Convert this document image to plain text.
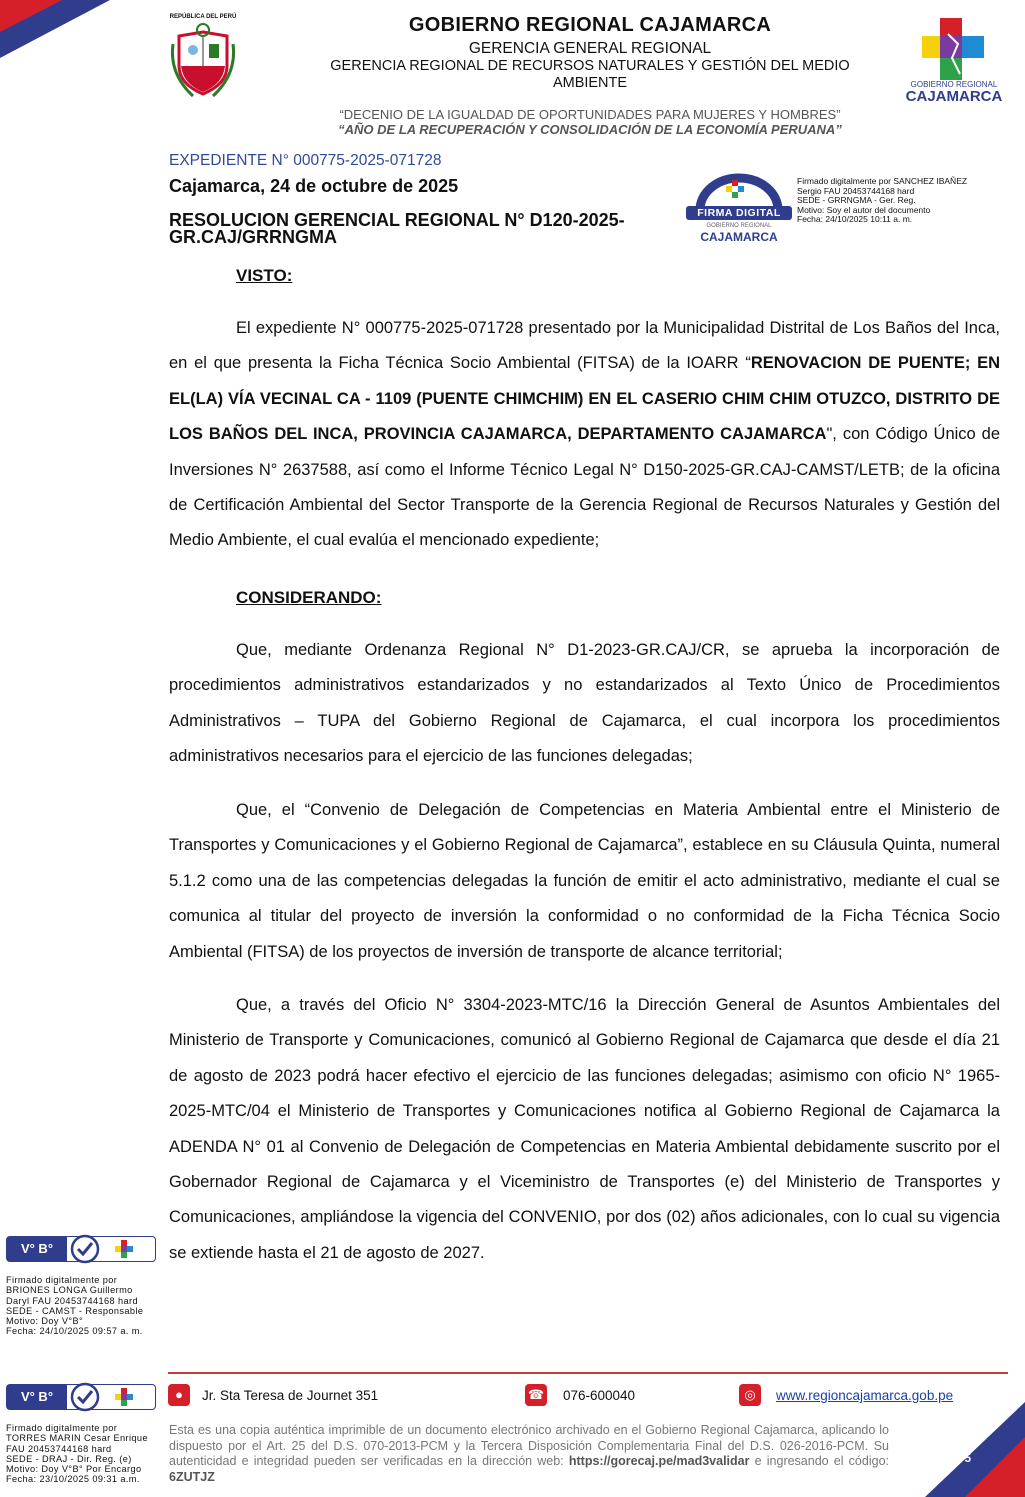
REPÚBLICA DEL PERÚ	GOBIERNO REGIONAL CAJAMARCA
GERENCIA GENERAL REGIONAL
GERENCIA REGIONAL DE RECURSOS NATURALES Y GESTIÓN DEL MEDIO AMBIENTE
“DECENIO DE LA IGUALDAD DE OPORTUNIDADES PARA MUJERES Y HOMBRES”
“AÑO DE LA RECUPERACIÓN Y CONSOLIDACIÓN DE LA ECONOMÍA PERUANA”
GOBIERNO REGIONAL
CAJAMARCA
EXPEDIENTE N° 000775-2025-071728
Cajamarca, 24 de octubre de 2025
RESOLUCION GERENCIAL REGIONAL N° D120-2025-GR.CAJ/GRRNGMA
FIRMA DIGITAL
GOBIERNO REGIONAL
CAJAMARCA
Firmado digitalmente por SANCHEZ IBAÑEZ
Sergio FAU 20453744168 hard
SEDE - GRRNGMA - Ger. Reg.
Motivo: Soy el autor del documento
Fecha: 24/10/2025 10:11 a. m.
VISTO:
El expediente N° 000775-2025-071728 presentado por la Municipalidad Distrital de Los Baños del Inca, en el que presenta la Ficha Técnica Socio Ambiental (FITSA) de la IOARR “RENOVACION DE PUENTE; EN EL(LA) VÍA VECINAL CA - 1109 (PUENTE CHIMCHIM) EN EL CASERIO CHIM CHIM OTUZCO, DISTRITO DE LOS BAÑOS DEL INCA, PROVINCIA CAJAMARCA, DEPARTAMENTO CAJAMARCA", con Código Único de Inversiones N° 2637588, así como el Informe Técnico Legal N° D150-2025-GR.CAJ-CAMST/LETB; de la oficina de Certificación Ambiental del Sector Transporte de la Gerencia Regional de Recursos Naturales y Gestión del Medio Ambiente, el cual evalúa el mencionado expediente;
CONSIDERANDO:
Que, mediante Ordenanza Regional N° D1-2023-GR.CAJ/CR, se aprueba la incorporación de procedimientos administrativos estandarizados y no estandarizados al Texto Único de Procedimientos Administrativos – TUPA del Gobierno Regional de Cajamarca, el cual incorpora los procedimientos administrativos necesarios para el ejercicio de las funciones delegadas;
Que, el “Convenio de Delegación de Competencias en Materia Ambiental entre el Ministerio de Transportes y Comunicaciones y el Gobierno Regional de Cajamarca”, establece en su Cláusula Quinta, numeral 5.1.2 como una de las competencias delegadas la función de emitir el acto administrativo, mediante el cual se comunica al titular del proyecto de inversión la conformidad o no conformidad de la Ficha Técnica Socio Ambiental (FITSA) de los proyectos de inversión de transporte de alcance territorial;
Que, a través del Oficio N° 3304-2023-MTC/16 la Dirección General de Asuntos Ambientales del Ministerio de Transporte y Comunicaciones, comunicó al Gobierno Regional de Cajamarca que desde el día 21 de agosto de 2023 podrá hacer efectivo el ejercicio de las funciones delegadas; asimismo con oficio N° 1965-2025-MTC/04 el Ministerio de Transportes y Comunicaciones notifica al Gobierno Regional de Cajamarca la ADENDA N° 01 al Convenio de Delegación de Competencias en Materia Ambiental debidamente suscrito por el Gobernador Regional de Cajamarca y el Viceministro de Transportes (e) del Ministerio de Transportes y Comunicaciones, ampliándose la vigencia del CONVENIO, por dos (02) años adicionales, con lo cual su vigencia se extiende hasta el 21 de agosto de 2027.
V° B°
Firmado digitalmente por
BRIONES LONGA Guillermo
Daryl FAU 20453744168 hard
SEDE - CAMST - Responsable
Motivo: Doy V°B°
Fecha: 24/10/2025 09:57 a. m.
V° B°
Firmado digitalmente por
TORRES MARIN Cesar Enrique
FAU 20453744168 hard
SEDE - DRAJ - Dir. Reg. (e)
Motivo: Doy V°B° Por Encargo
Fecha: 23/10/2025 09:31 a.m.
●	Jr. Sta Teresa de Journet 351	☎ 076-600040	◎	www.regioncajamarca.gob.pe
Esta es una copia auténtica imprimible de un documento electrónico archivado en el Gobierno Regional Cajamarca, aplicando lo dispuesto por el Art. 25 del D.S. 070-2013-PCM y la Tercera Disposición Complementaria Final del D.S. 026-2016-PCM. Su autenticidad e integridad pueden ser verificadas en la dirección web: https://gorecaj.pe/mad3validar e ingresando el código: 6ZUTJZ
Pág. 1 / 5
